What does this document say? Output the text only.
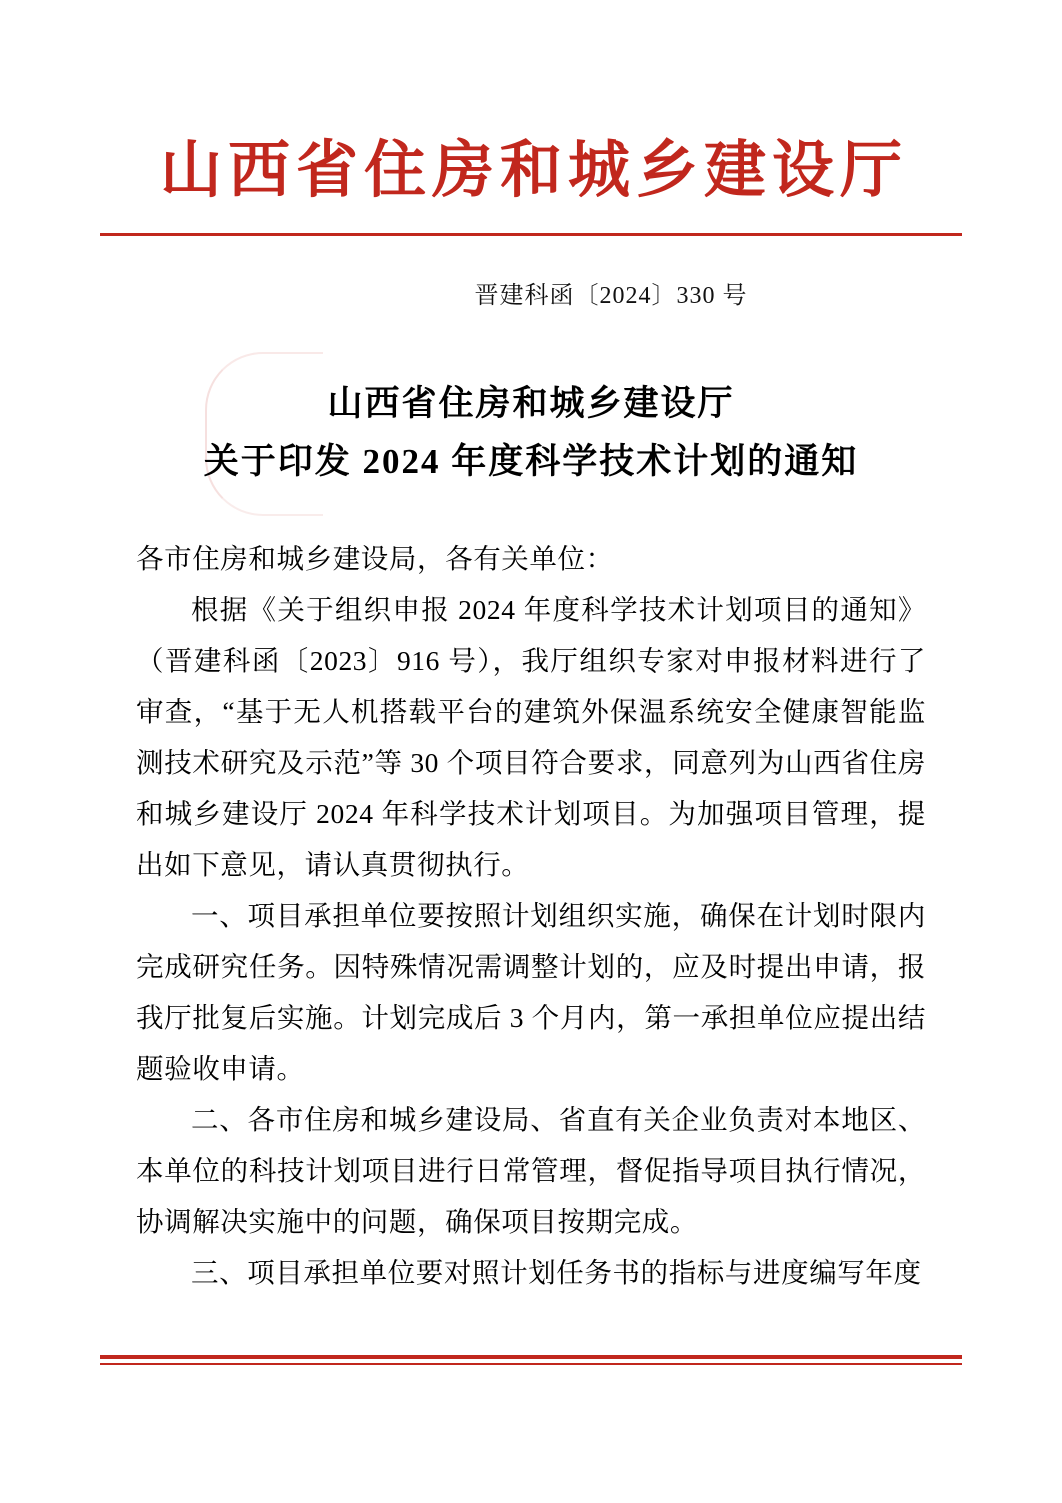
山西省住房和城乡建设厅
晋建科函〔2024〕330 号
山西省住房和城乡建设厅
关于印发 2024 年度科学技术计划的通知

各市住房和城乡建设局，各有关单位：

根据《关于组织申报 2024 年度科学技术计划项目的通知》（晋建科函〔2023〕916 号），我厅组织专家对申报材料进行了审查，“基于无人机搭载平台的建筑外保温系统安全健康智能监测技术研究及示范”等 30 个项目符合要求，同意列为山西省住房和城乡建设厅 2024 年科学技术计划项目。为加强项目管理，提出如下意见，请认真贯彻执行。

一、项目承担单位要按照计划组织实施，确保在计划时限内完成研究任务。因特殊情况需调整计划的，应及时提出申请，报我厅批复后实施。计划完成后 3 个月内，第一承担单位应提出结题验收申请。

二、各市住房和城乡建设局、省直有关企业负责对本地区、本单位的科技计划项目进行日常管理，督促指导项目执行情况，协调解决实施中的问题，确保项目按期完成。

三、项目承担单位要对照计划任务书的指标与进度编写年度
